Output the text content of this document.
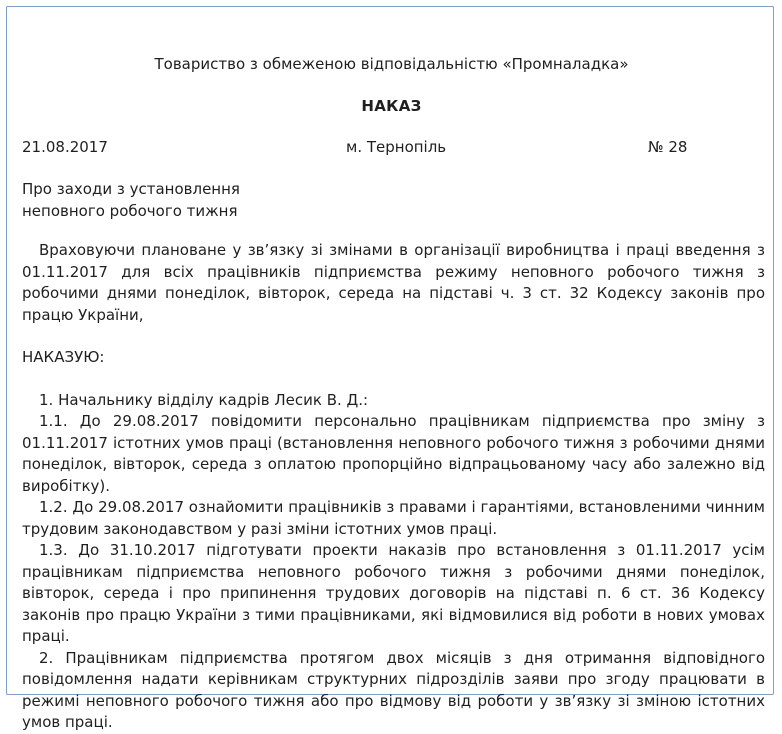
Товариство з обмеженою відповідальністю «Промналадка»

НАКАЗ

21.08.2017	м. Тернопіль	№ 28
Про заходи з установлення
неповного робочого тижня

Враховуючи плановане у зв’язку зі змінами в організації виробництва і праці введення з 01.11.2017 для всіх працівників підприємства режиму неповного робочого тижня з робочими днями понеділок, вівторок, середа на підставі ч. 3 ст. 32 Кодексу законів про працю України,

НАКАЗУЮ:

1. Начальнику відділу кадрів Лесик В. Д.:

1.1. До 29.08.2017 повідомити персонально працівникам підприємства про зміну з 01.11.2017 істотних умов праці (встановлення неповного робочого тижня з робочими днями понеділок, вівторок, середа з оплатою пропорційно відпрацьованому часу або залежно від виробітку).

1.2. До 29.08.2017 ознайомити працівників з правами і гарантіями, встановленими чинним трудовим законодавством у разі зміни істотних умов праці.

1.3. До 31.10.2017 підготувати проекти наказів про встановлення з 01.11.2017 усім працівникам підприємства неповного робочого тижня з робочими днями понеділок, вівторок, середа і про припинення трудових договорів на підставі п. 6 ст. 36 Кодексу законів про працю України з тими працівниками, які відмовилися від роботи в нових умовах праці.

2. Працівникам підприємства протягом двох місяців з дня отримання відповідного повідомлення надати керівникам структурних підрозділів заяви про згоду працювати в режимі неповного робочого тижня або про відмову від роботи у зв’язку зі зміною істотних умов праці.
